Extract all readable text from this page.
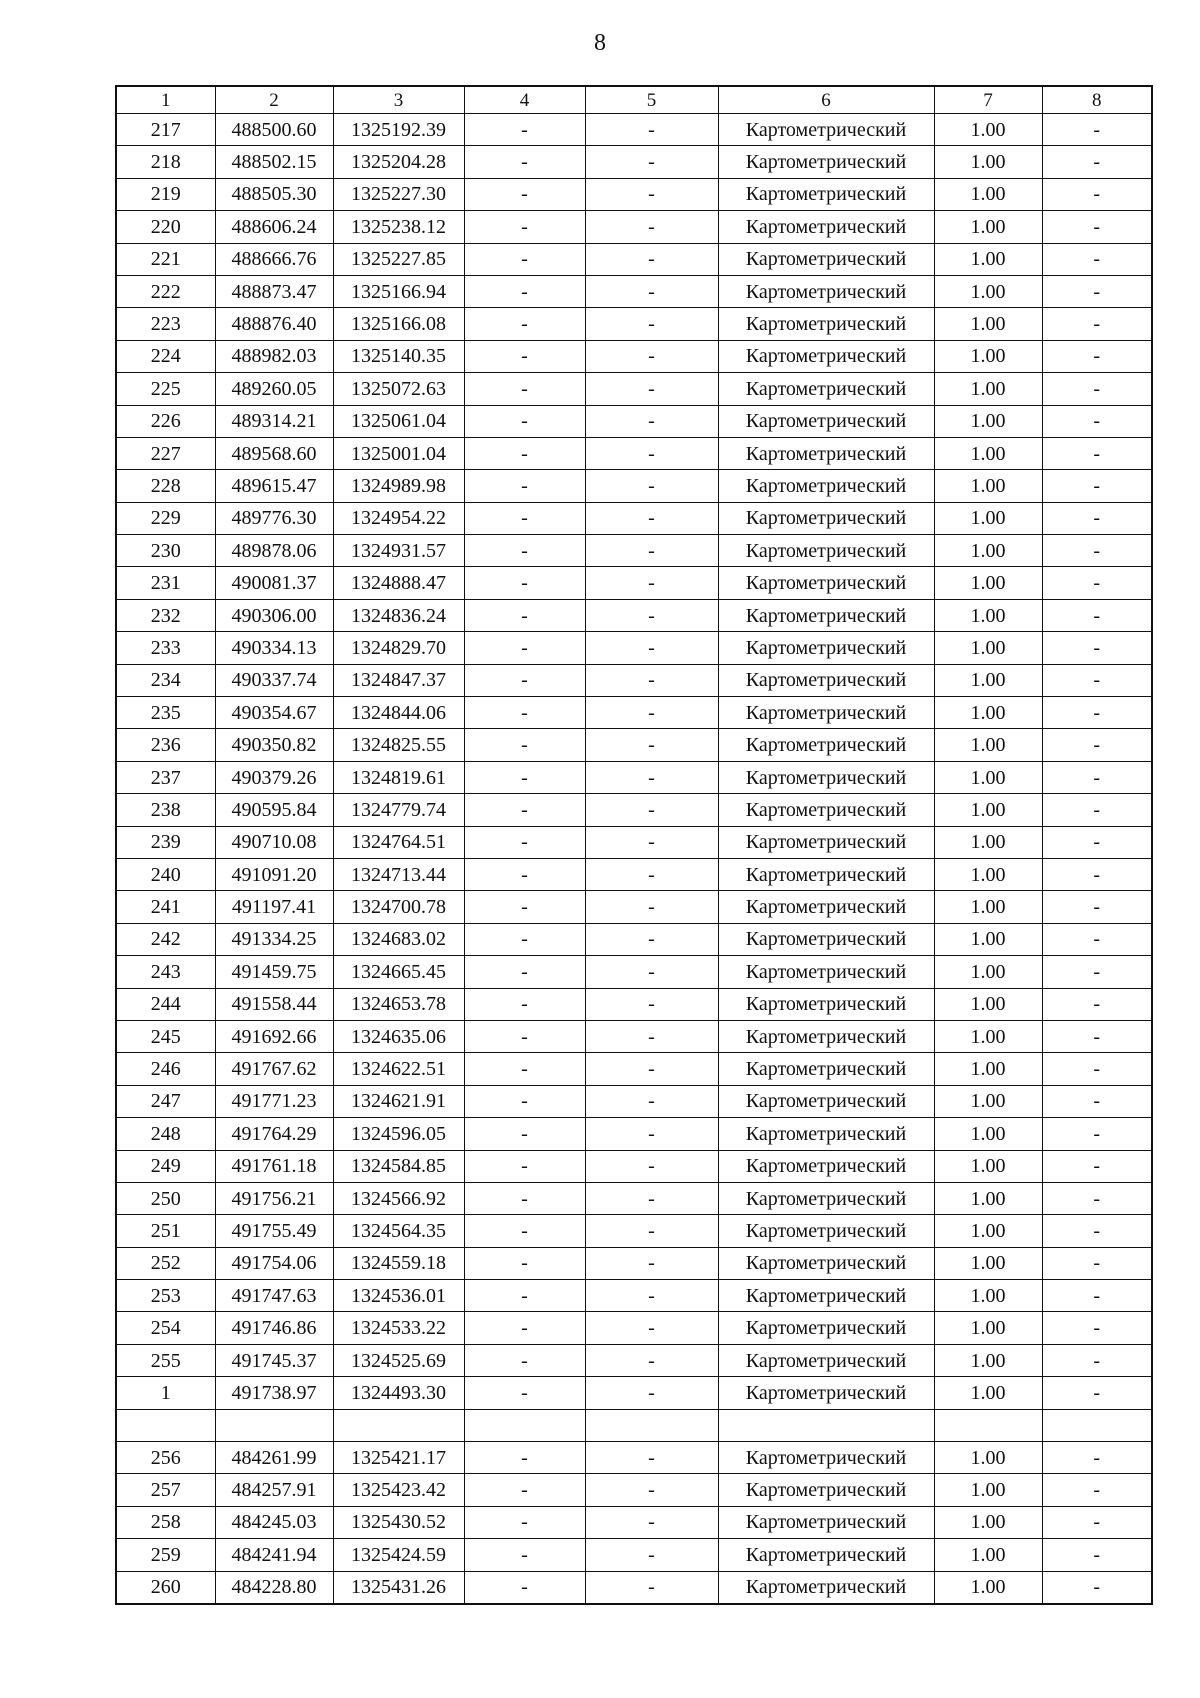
8
1	2	3	4	5	6	7	8
217	488500.60	1325192.39	-	-	Картометрический	1.00	-
218	488502.15	1325204.28	-	-	Картометрический	1.00	-
219	488505.30	1325227.30	-	-	Картометрический	1.00	-
220	488606.24	1325238.12	-	-	Картометрический	1.00	-
221	488666.76	1325227.85	-	-	Картометрический	1.00	-
222	488873.47	1325166.94	-	-	Картометрический	1.00	-
223	488876.40	1325166.08	-	-	Картометрический	1.00	-
224	488982.03	1325140.35	-	-	Картометрический	1.00	-
225	489260.05	1325072.63	-	-	Картометрический	1.00	-
226	489314.21	1325061.04	-	-	Картометрический	1.00	-
227	489568.60	1325001.04	-	-	Картометрический	1.00	-
228	489615.47	1324989.98	-	-	Картометрический	1.00	-
229	489776.30	1324954.22	-	-	Картометрический	1.00	-
230	489878.06	1324931.57	-	-	Картометрический	1.00	-
231	490081.37	1324888.47	-	-	Картометрический	1.00	-
232	490306.00	1324836.24	-	-	Картометрический	1.00	-
233	490334.13	1324829.70	-	-	Картометрический	1.00	-
234	490337.74	1324847.37	-	-	Картометрический	1.00	-
235	490354.67	1324844.06	-	-	Картометрический	1.00	-
236	490350.82	1324825.55	-	-	Картометрический	1.00	-
237	490379.26	1324819.61	-	-	Картометрический	1.00	-
238	490595.84	1324779.74	-	-	Картометрический	1.00	-
239	490710.08	1324764.51	-	-	Картометрический	1.00	-
240	491091.20	1324713.44	-	-	Картометрический	1.00	-
241	491197.41	1324700.78	-	-	Картометрический	1.00	-
242	491334.25	1324683.02	-	-	Картометрический	1.00	-
243	491459.75	1324665.45	-	-	Картометрический	1.00	-
244	491558.44	1324653.78	-	-	Картометрический	1.00	-
245	491692.66	1324635.06	-	-	Картометрический	1.00	-
246	491767.62	1324622.51	-	-	Картометрический	1.00	-
247	491771.23	1324621.91	-	-	Картометрический	1.00	-
248	491764.29	1324596.05	-	-	Картометрический	1.00	-
249	491761.18	1324584.85	-	-	Картометрический	1.00	-
250	491756.21	1324566.92	-	-	Картометрический	1.00	-
251	491755.49	1324564.35	-	-	Картометрический	1.00	-
252	491754.06	1324559.18	-	-	Картометрический	1.00	-
253	491747.63	1324536.01	-	-	Картометрический	1.00	-
254	491746.86	1324533.22	-	-	Картометрический	1.00	-
255	491745.37	1324525.69	-	-	Картометрический	1.00	-
1	491738.97	1324493.30	-	-	Картометрический	1.00	-

256	484261.99	1325421.17	-	-	Картометрический	1.00	-
257	484257.91	1325423.42	-	-	Картометрический	1.00	-
258	484245.03	1325430.52	-	-	Картометрический	1.00	-
259	484241.94	1325424.59	-	-	Картометрический	1.00	-
260	484228.80	1325431.26	-	-	Картометрический	1.00	-
